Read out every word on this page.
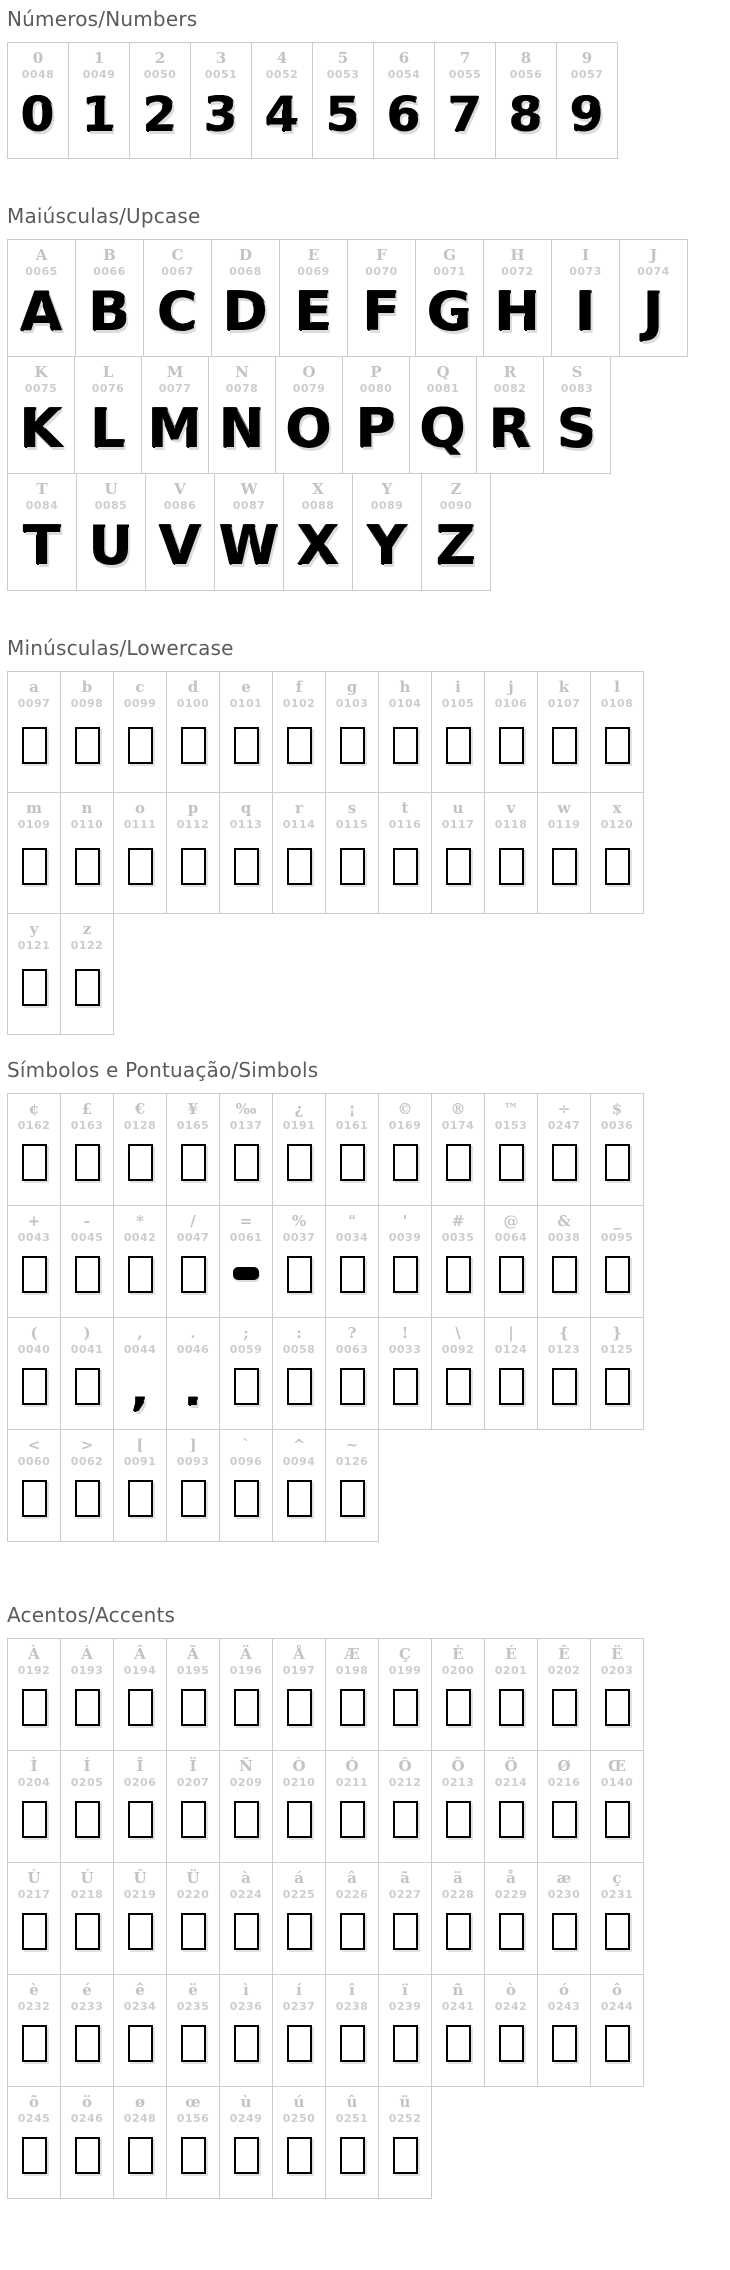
Números/Numbers
0
0048
0
1
0049
1
2
0050
2
3
0051
3
4
0052
4
5
0053
5
6
0054
6
7
0055
7
8
0056
8
9
0057
9
Maiúsculas/Upcase
A
0065
A
B
0066
B
C
0067
C
D
0068
D
E
0069
E
F
0070
F
G
0071
G
H
0072
H
I
0073
I
J
0074
J
K
0075
K
L
0076
L
M
0077
M
N
0078
N
O
0079
O
P
0080
P
Q
0081
Q
R
0082
R
S
0083
S
T
0084
T
U
0085
U
V
0086
V
W
0087
W
X
0088
X
Y
0089
Y
Z
0090
Z
Minúsculas/Lowercase
a
0097
b
0098
c
0099
d
0100
e
0101
f
0102
g
0103
h
0104
i
0105
j
0106
k
0107
l
0108
m
0109
n
0110
o
0111
p
0112
q
0113
r
0114
s
0115
t
0116
u
0117
v
0118
w
0119
x
0120
y
0121
z
0122
Símbolos e Pontuação/Simbols
¢
0162
£
0163
€
0128
¥
0165
‰
0137
¿
0191
¡
0161
©
0169
®
0174
™
0153
÷
0247
$
0036
+
0043
-
0045
*
0042
/
0047
=
0061
%
0037
"
0034
'
0039
#
0035
@
0064
&
0038
_
0095
(
0040
)
0041
,
0044
,
.
0046
.
;
0059
:
0058
?
0063
!
0033
\
0092
|
0124
{
0123
}
0125
<
0060
>
0062
[
0091
]
0093
`
0096
^
0094
~
0126
Acentos/Accents
À
0192
Á
0193
Â
0194
Ã
0195
Ä
0196
Å
0197
Æ
0198
Ç
0199
È
0200
É
0201
Ê
0202
Ë
0203
Ì
0204
Í
0205
Î
0206
Ï
0207
Ñ
0209
Ò
0210
Ó
0211
Ô
0212
Õ
0213
Ö
0214
Ø
0216
Œ
0140
Ù
0217
Ú
0218
Û
0219
Ü
0220
à
0224
á
0225
â
0226
ã
0227
ä
0228
å
0229
æ
0230
ç
0231
è
0232
é
0233
ê
0234
ë
0235
ì
0236
í
0237
î
0238
ï
0239
ñ
0241
ò
0242
ó
0243
ô
0244
õ
0245
ö
0246
ø
0248
œ
0156
ù
0249
ú
0250
û
0251
ü
0252
